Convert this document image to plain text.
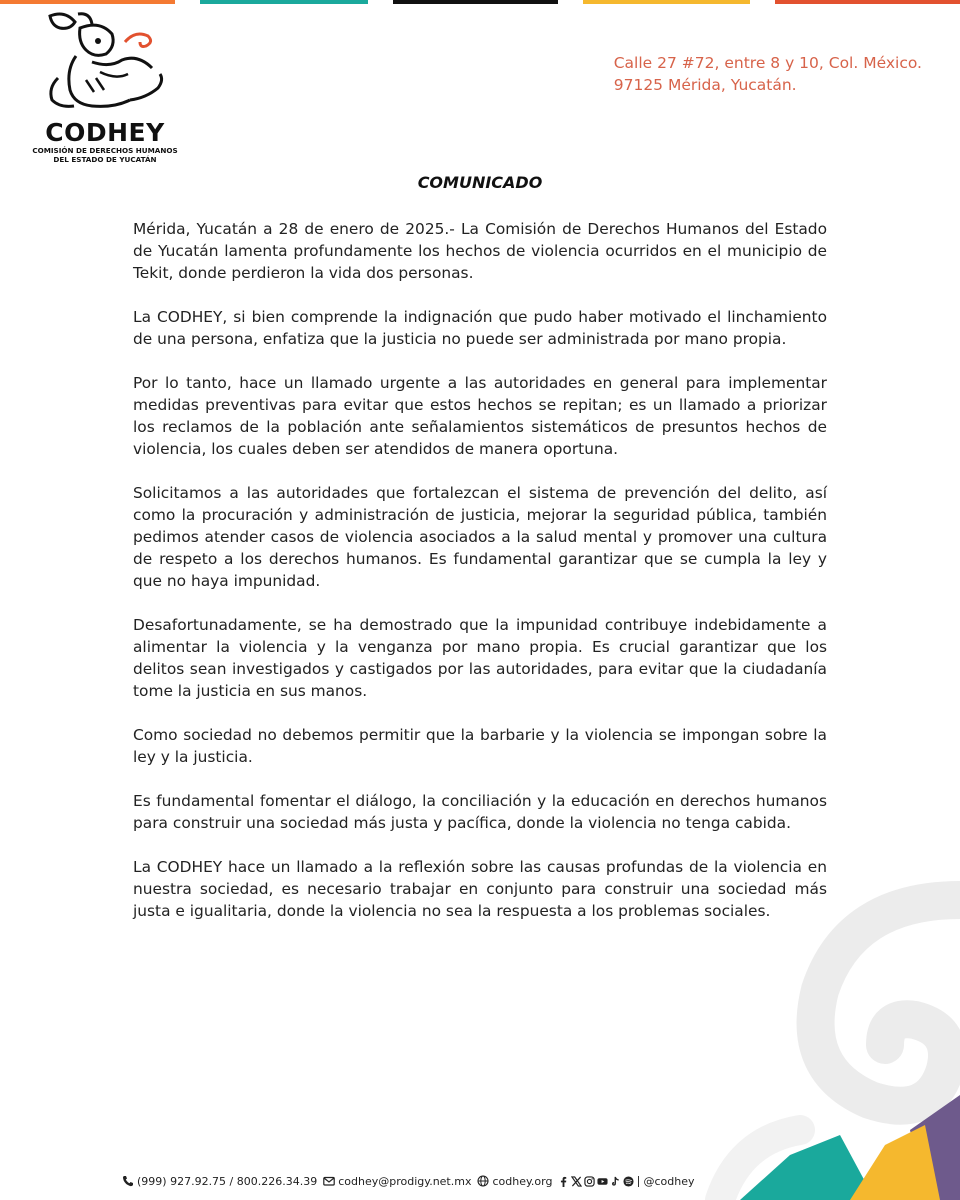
CODHEY
COMISIÓN DE DERECHOS HUMANOS
DEL ESTADO DE YUCATÁN
Calle 27 #72, entre 8 y 10, Col. México.
97125 Mérida, Yucatán.
COMUNICADO

Mérida, Yucatán a 28 de enero de 2025.- La Comisión de Derechos Humanos del Estado de Yucatán lamenta profundamente los hechos de violencia ocurridos en el municipio de Tekit, donde perdieron la vida dos personas.

La CODHEY, si bien comprende la indignación que pudo haber motivado el linchamiento de una persona, enfatiza que la justicia no puede ser administrada por mano propia.

Por lo tanto, hace un llamado urgente a las autoridades en general para implementar medidas preventivas para evitar que estos hechos se repitan; es un llamado a priorizar los reclamos de la población ante señalamientos sistemáticos de presuntos hechos de violencia, los cuales deben ser atendidos de manera oportuna.

Solicitamos a las autoridades que fortalezcan el sistema de prevención del delito, así como la procuración y administración de justicia, mejorar la seguridad pública, también pedimos atender casos de violencia asociados a la salud mental y promover una cultura de respeto a los derechos humanos. Es fundamental garantizar que se cumpla la ley y que no haya impunidad.

Desafortunadamente, se ha demostrado que la impunidad contribuye indebidamente a alimentar la violencia y la venganza por mano propia. Es crucial garantizar que los delitos sean investigados y castigados por las autoridades, para evitar que la ciudadanía tome la justicia en sus manos.

Como sociedad no debemos permitir que la barbarie y la violencia se impongan sobre la ley y la justicia.

Es fundamental fomentar el diálogo, la conciliación y la educación en derechos humanos para construir una sociedad más justa y pacífica, donde la violencia no tenga cabida.

La CODHEY hace un llamado a la reflexión sobre las causas profundas de la violencia en nuestra sociedad, es necesario trabajar en conjunto para construir una sociedad más justa e igualitaria, donde la violencia no sea la respuesta a los problemas sociales.

(999) 927.92.75 / 800.226.34.39 codhey@prodigy.net.mx codhey.org	@codhey
